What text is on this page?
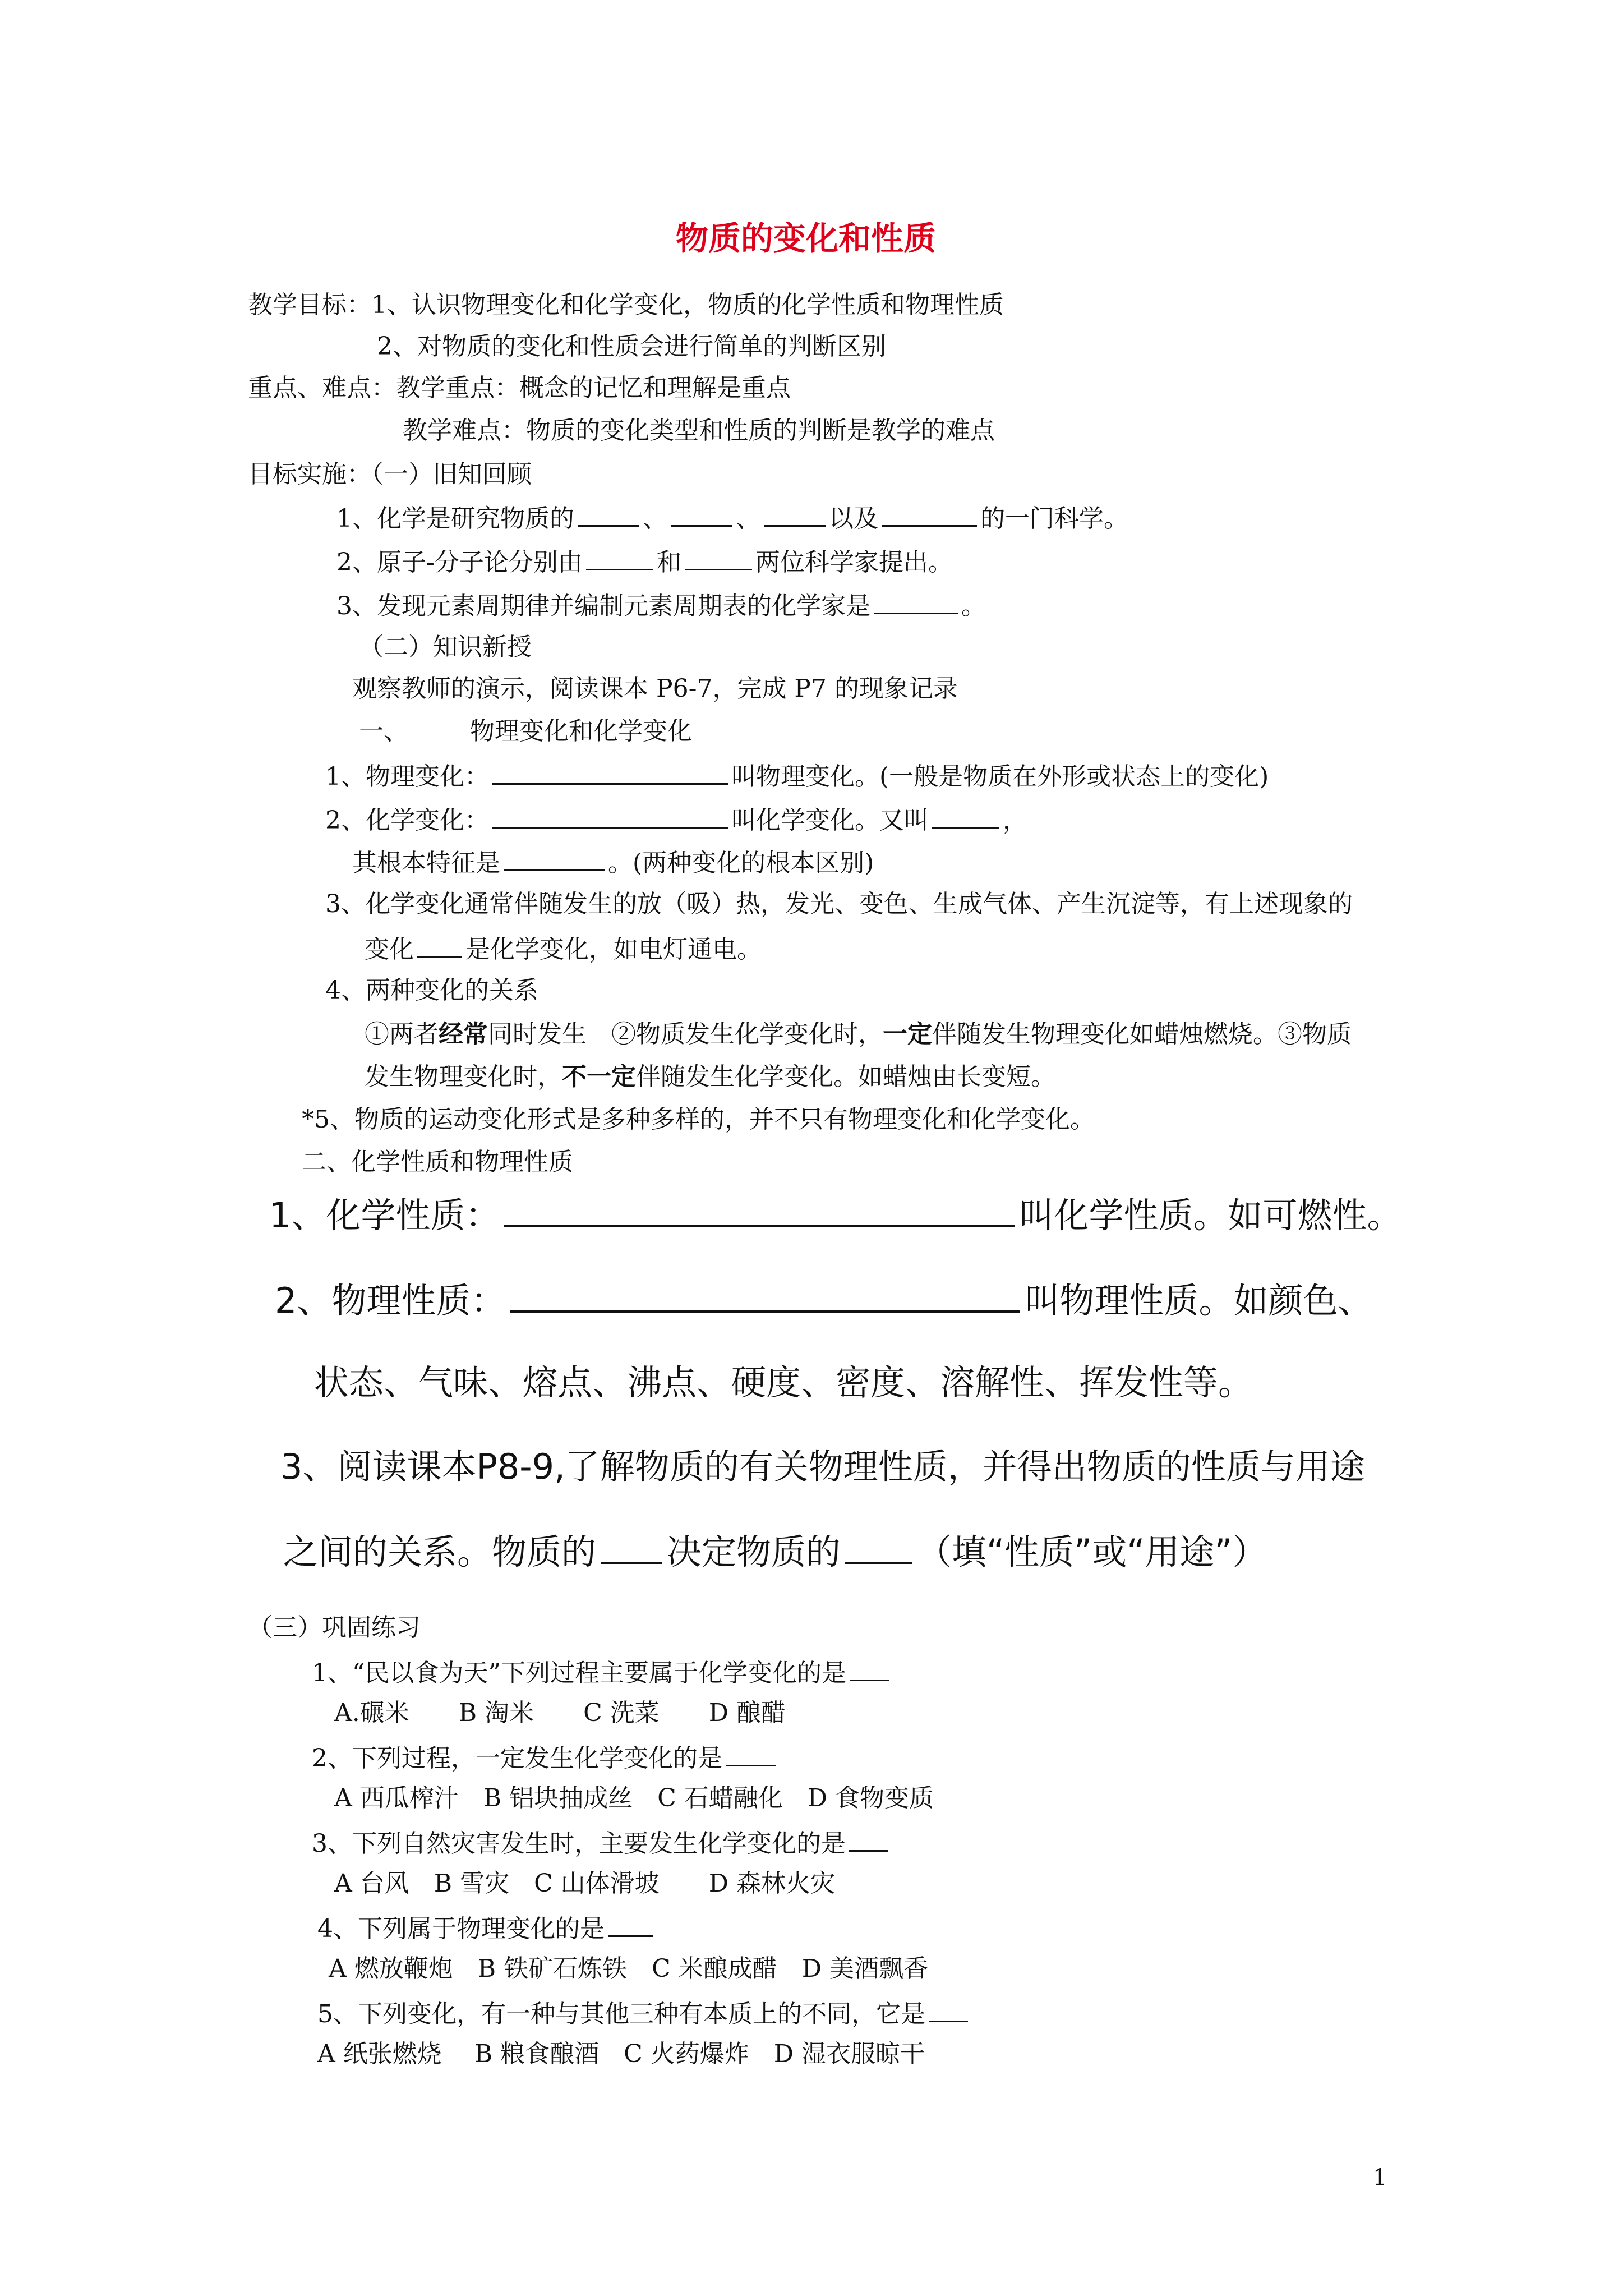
物质的变化和性质
教学目标：1、认识物理变化和化学变化，物质的化学性质和物理性质
2、对物质的变化和性质会进行简单的判断区别
重点、难点：教学重点：概念的记忆和理解是重点
教学难点：物质的变化类型和性质的判断是教学的难点
目标实施：（一）旧知回顾
1、化学是研究物质的	、	、	以及	的一门科学。
2、原子-分子论分别由	和	两位科学家提出。
3、发现元素周期律并编制元素周期表的化学家是	。
（二）知识新授
观察教师的演示，阅读课本 P6-7，完成 P7 的现象记录
一、	物理变化和化学变化
1、物理变化：	叫物理变化。(一般是物质在外形或状态上的变化)
2、化学变化：	叫化学变化。又叫	，
其根本特征是	。(两种变化的根本区别)
3、化学变化通常伴随发生的放（吸）热，发光、变色、生成气体、产生沉淀等，有上述现象的
变化 是化学变化，如电灯通电。
4、两种变化的关系
①两者经常同时发生　②物质发生化学变化时，一定伴随发生物理变化如蜡烛燃烧。③物质
发生物理变化时，不一定伴随发生化学变化。如蜡烛由长变短。
*5、物质的运动变化形式是多种多样的，并不只有物理变化和化学变化。
二、化学性质和物理性质
1、化学性质：	叫化学性质。如可燃性。
2、物理性质：	叫物理性质。如颜色、
状态、气味、熔点、沸点、硬度、密度、溶解性、挥发性等。
3、阅读课本P8-9,了解物质的有关物理性质，并得出物质的性质与用途
之间的关系。物质的 决定物质的 （填“性质”或“用途”）
（三）巩固练习
1、“民以食为天”下列过程主要属于化学变化的是
A.碾米　　B 淘米　　C 洗菜　　D 酿醋
2、下列过程，一定发生化学变化的是
A 西瓜榨汁　B 铝块抽成丝　C 石蜡融化　D 食物变质
3、下列自然灾害发生时，主要发生化学变化的是
A 台风　B 雪灾　C 山体滑坡　　D 森林火灾
4、下列属于物理变化的是
A 燃放鞭炮　B 铁矿石炼铁　C 米酿成醋　D 美酒飘香
5、下列变化，有一种与其他三种有本质上的不同，它是
A 纸张燃烧　 B 粮食酿酒　C 火药爆炸　D 湿衣服晾干
1
